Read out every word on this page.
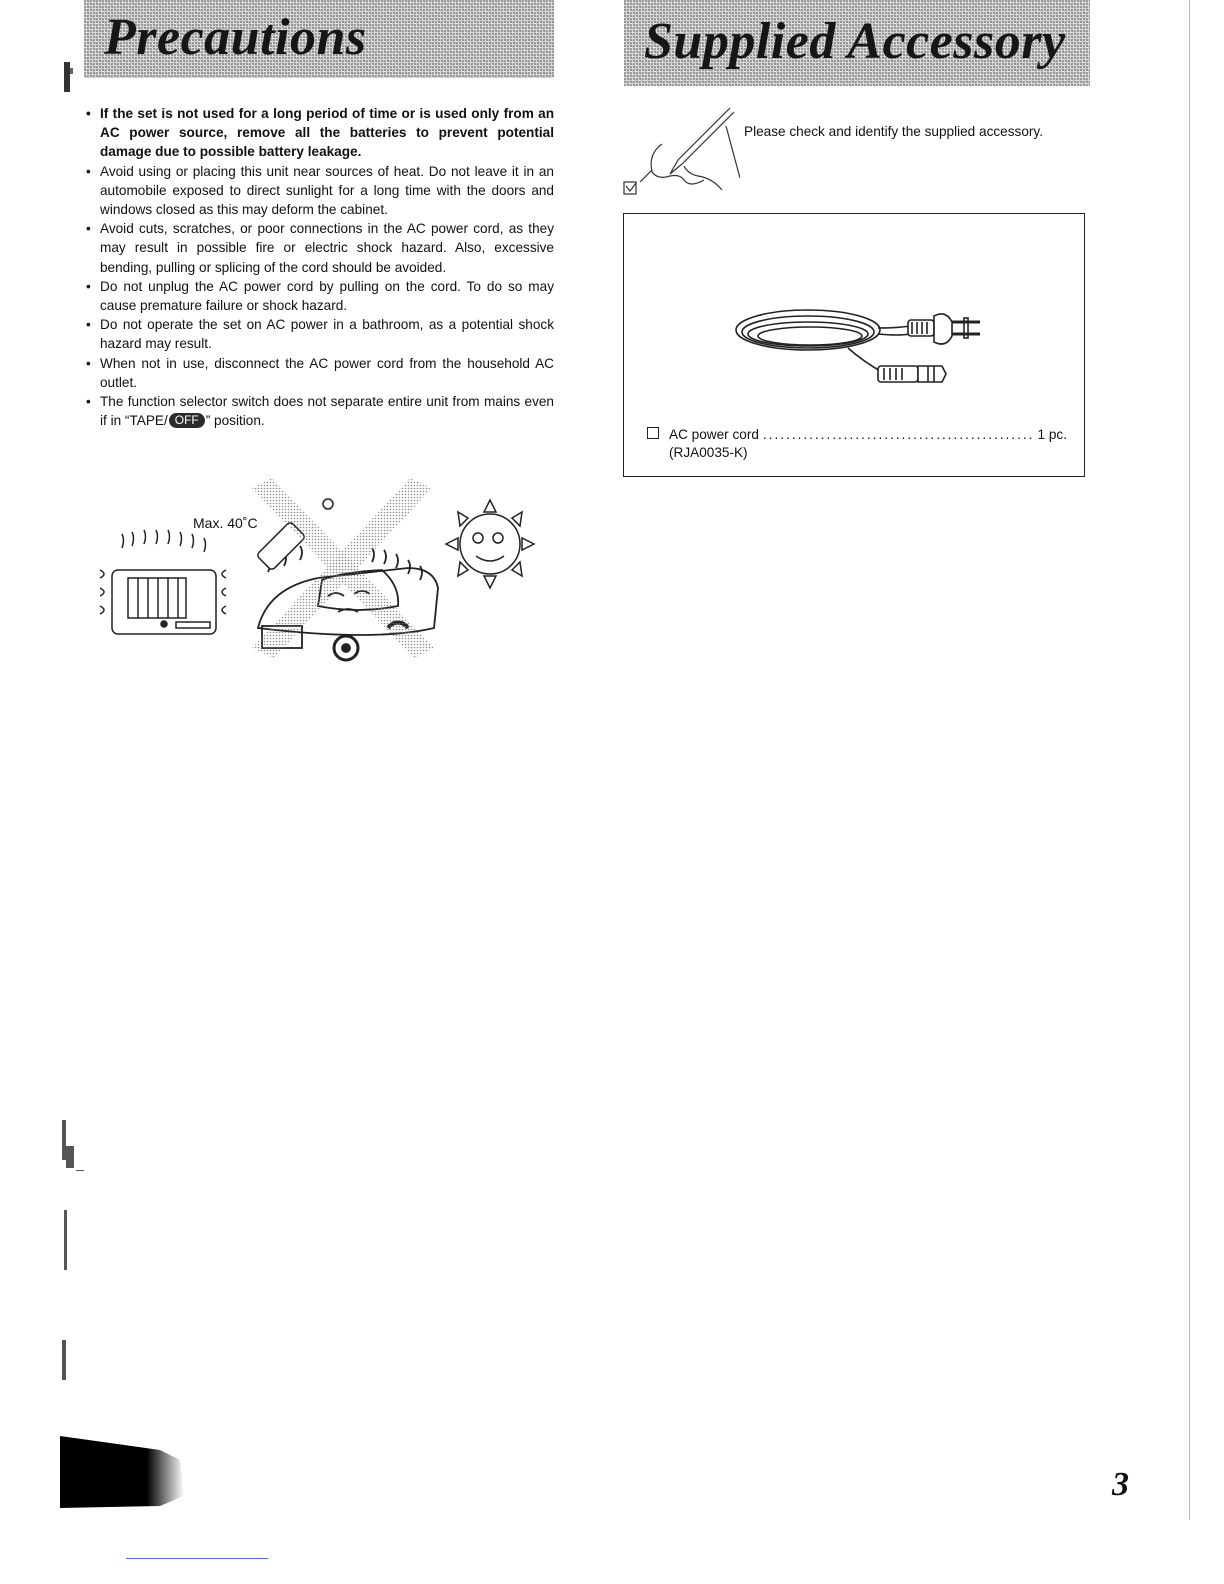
Precautions
• If the set is not used for a long period of time or is used only from an AC power source, remove all the batteries to prevent potential damage due to possible battery leakage.
• Avoid using or placing this unit near sources of heat. Do not leave it in an automobile exposed to direct sunlight for a long time with the doors and windows closed as this may deform the cabinet.
• Avoid cuts, scratches, or poor connections in the AC power cord, as they may result in possible fire or electric shock hazard. Also, excessive bending, pulling or splicing of the cord should be avoided.
• Do not unplug the AC power cord by pulling on the cord. To do so may cause premature failure or shock hazard.
• Do not operate the set on AC power in a bathroom, as a potential shock hazard may result.
• When not in use, disconnect the AC power cord from the household AC outlet.
• The function selector switch does not separate entire unit from mains even if in “TAPE/ OFF ” position.
Max. 40˚C
Supplied Accessory
Please check and identify the supplied accessory.
AC power cord
.....	1 pc.
(RJA0035-K)
3
